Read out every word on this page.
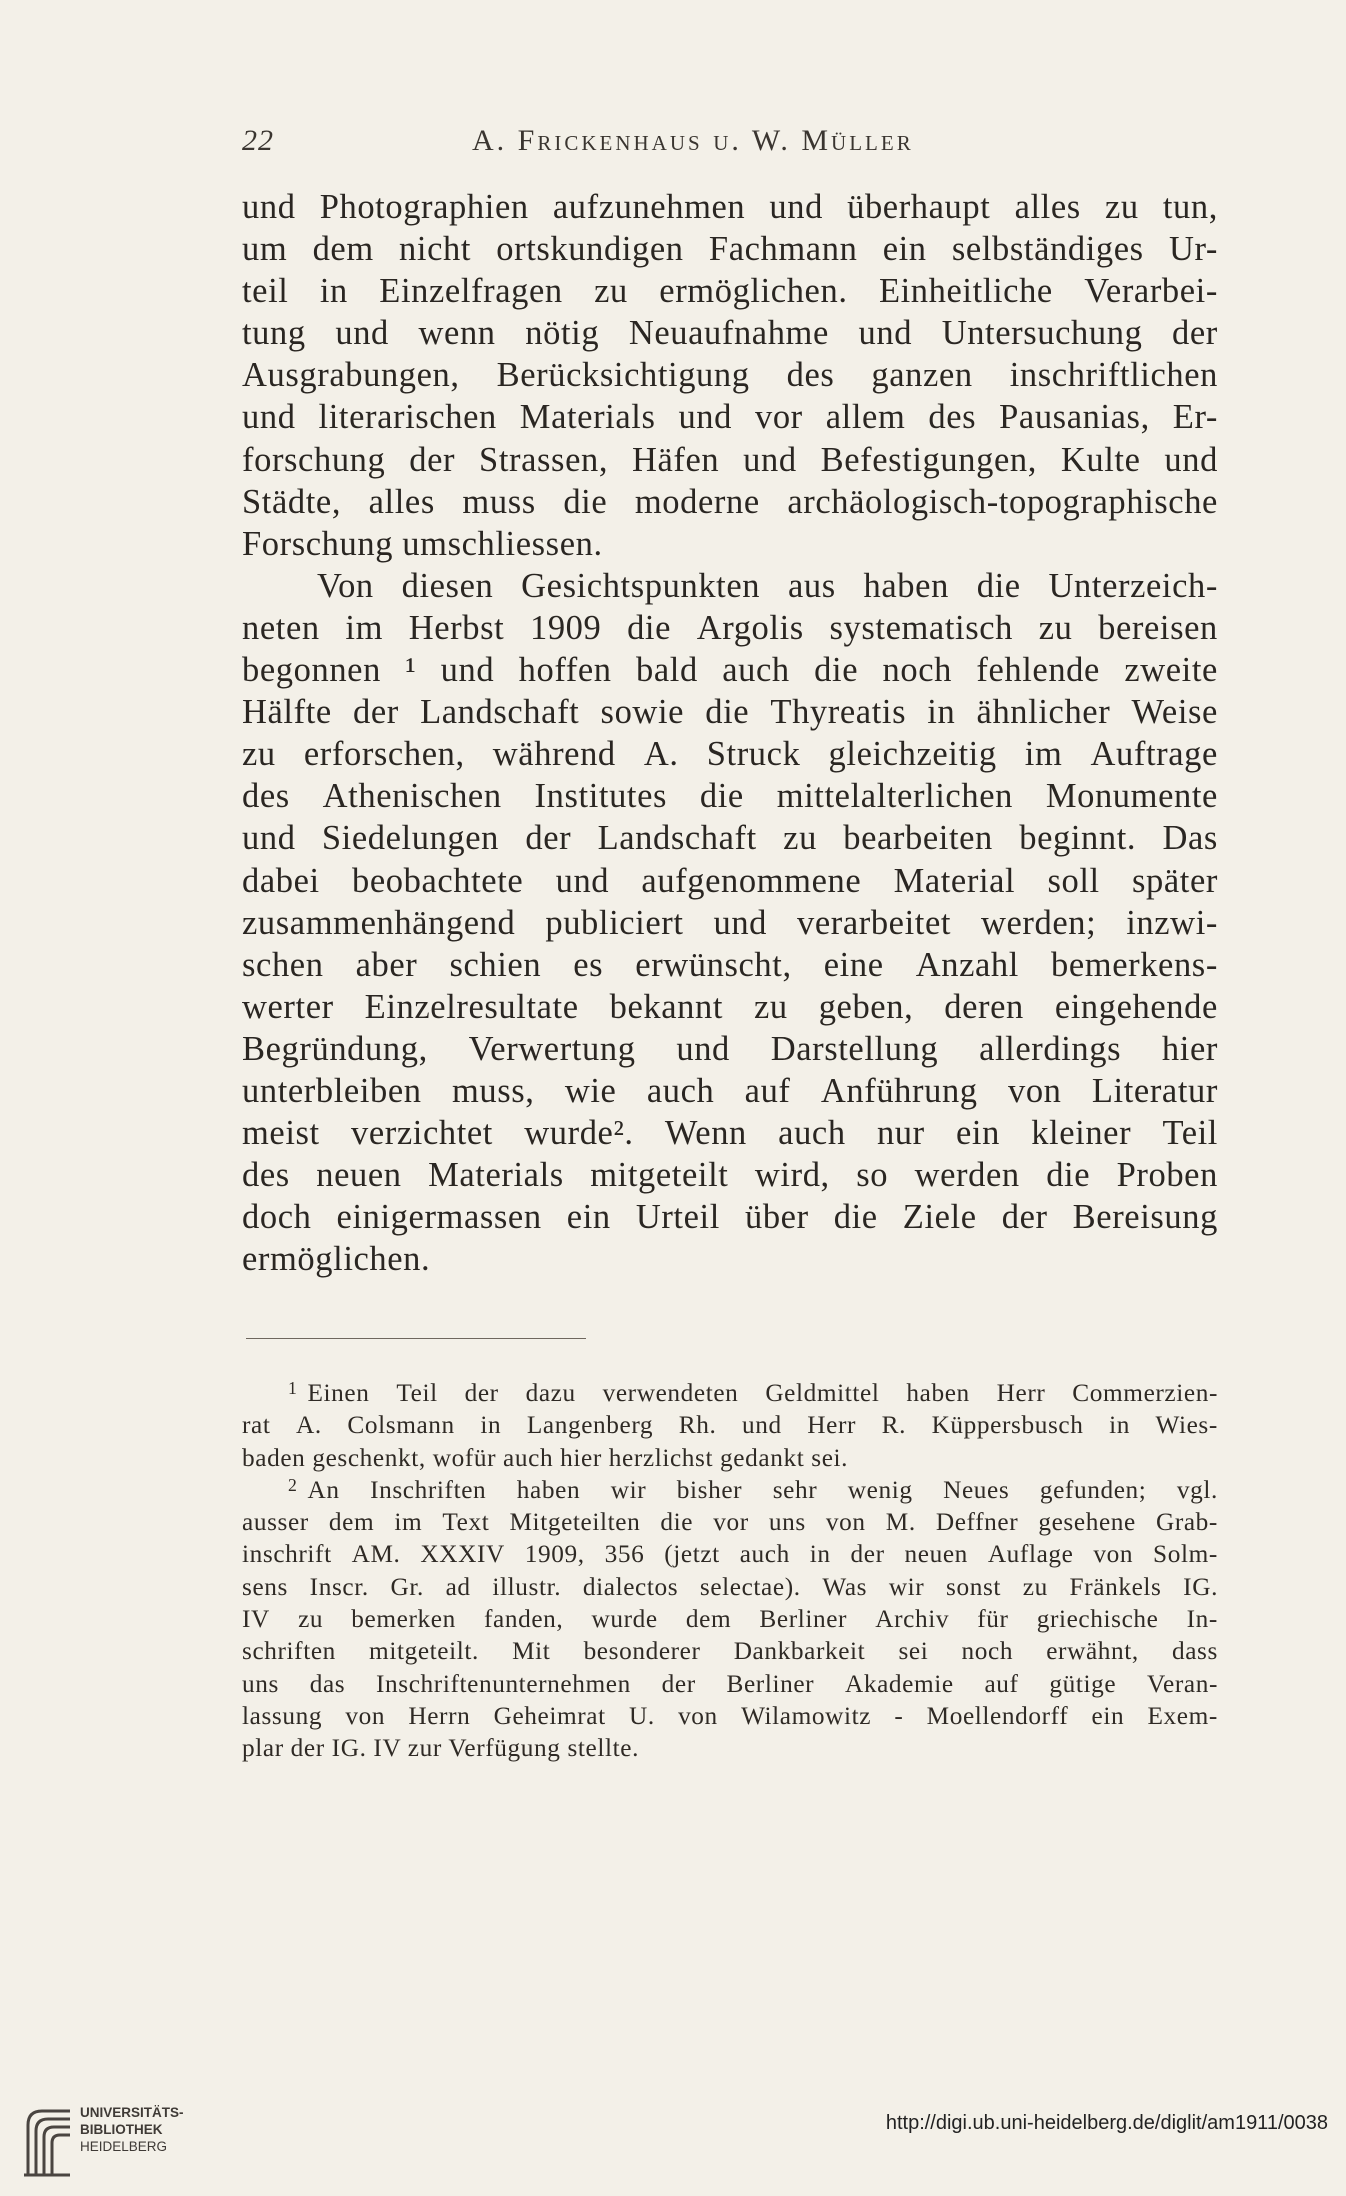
22	A. Frickenhaus u. W. Müller
und Photographien aufzunehmen und überhaupt alles zu tun,
um dem nicht ortskundigen Fachmann ein selbständiges Ur-
teil in Einzelfragen zu ermöglichen. Einheitliche Verarbei-
tung und wenn nötig Neuaufnahme und Untersuchung der
Ausgrabungen, Berücksichtigung des ganzen inschriftlichen
und literarischen Materials und vor allem des Pausanias, Er-
forschung der Strassen, Häfen und Befestigungen, Kulte und
Städte, alles muss die moderne archäologisch-topographische
Forschung umschliessen.
Von diesen Gesichtspunkten aus haben die Unterzeich-
neten im Herbst 1909 die Argolis systematisch zu bereisen
begonnen ¹ und hoffen bald auch die noch fehlende zweite
Hälfte der Landschaft sowie die Thyreatis in ähnlicher Weise
zu erforschen, während A. Struck gleichzeitig im Auftrage
des Athenischen Institutes die mittelalterlichen Monumente
und Siedelungen der Landschaft zu bearbeiten beginnt. Das
dabei beobachtete und aufgenommene Material soll später
zusammenhängend publiciert und verarbeitet werden; inzwi-
schen aber schien es erwünscht, eine Anzahl bemerkens-
werter Einzelresultate bekannt zu geben, deren eingehende
Begründung, Verwertung und Darstellung allerdings hier
unterbleiben muss, wie auch auf Anführung von Literatur
meist verzichtet wurde². Wenn auch nur ein kleiner Teil
des neuen Materials mitgeteilt wird, so werden die Proben
doch einigermassen ein Urteil über die Ziele der Bereisung
ermöglichen.
1 Einen Teil der dazu verwendeten Geldmittel haben Herr Commerzien-
rat A. Colsmann in Langenberg Rh. und Herr R. Küppersbusch in Wies-
baden geschenkt, wofür auch hier herzlichst gedankt sei.
2 An Inschriften haben wir bisher sehr wenig Neues gefunden; vgl.
ausser dem im Text Mitgeteilten die vor uns von M. Deffner gesehene Grab-
inschrift AM. XXXIV 1909, 356 (jetzt auch in der neuen Auflage von Solm-
sens Inscr. Gr. ad illustr. dialectos selectae). Was wir sonst zu Fränkels IG.
IV zu bemerken fanden, wurde dem Berliner Archiv für griechische In-
schriften mitgeteilt. Mit besonderer Dankbarkeit sei noch erwähnt, dass
uns das Inschriftenunternehmen der Berliner Akademie auf gütige Veran-
lassung von Herrn Geheimrat U. von Wilamowitz - Moellendorff ein Exem-
plar der IG. IV zur Verfügung stellte.
UNIVERSITÄTS-
BIBLIOTHEK
HEIDELBERG
http://digi.ub.uni-heidelberg.de/diglit/am1911/0038
